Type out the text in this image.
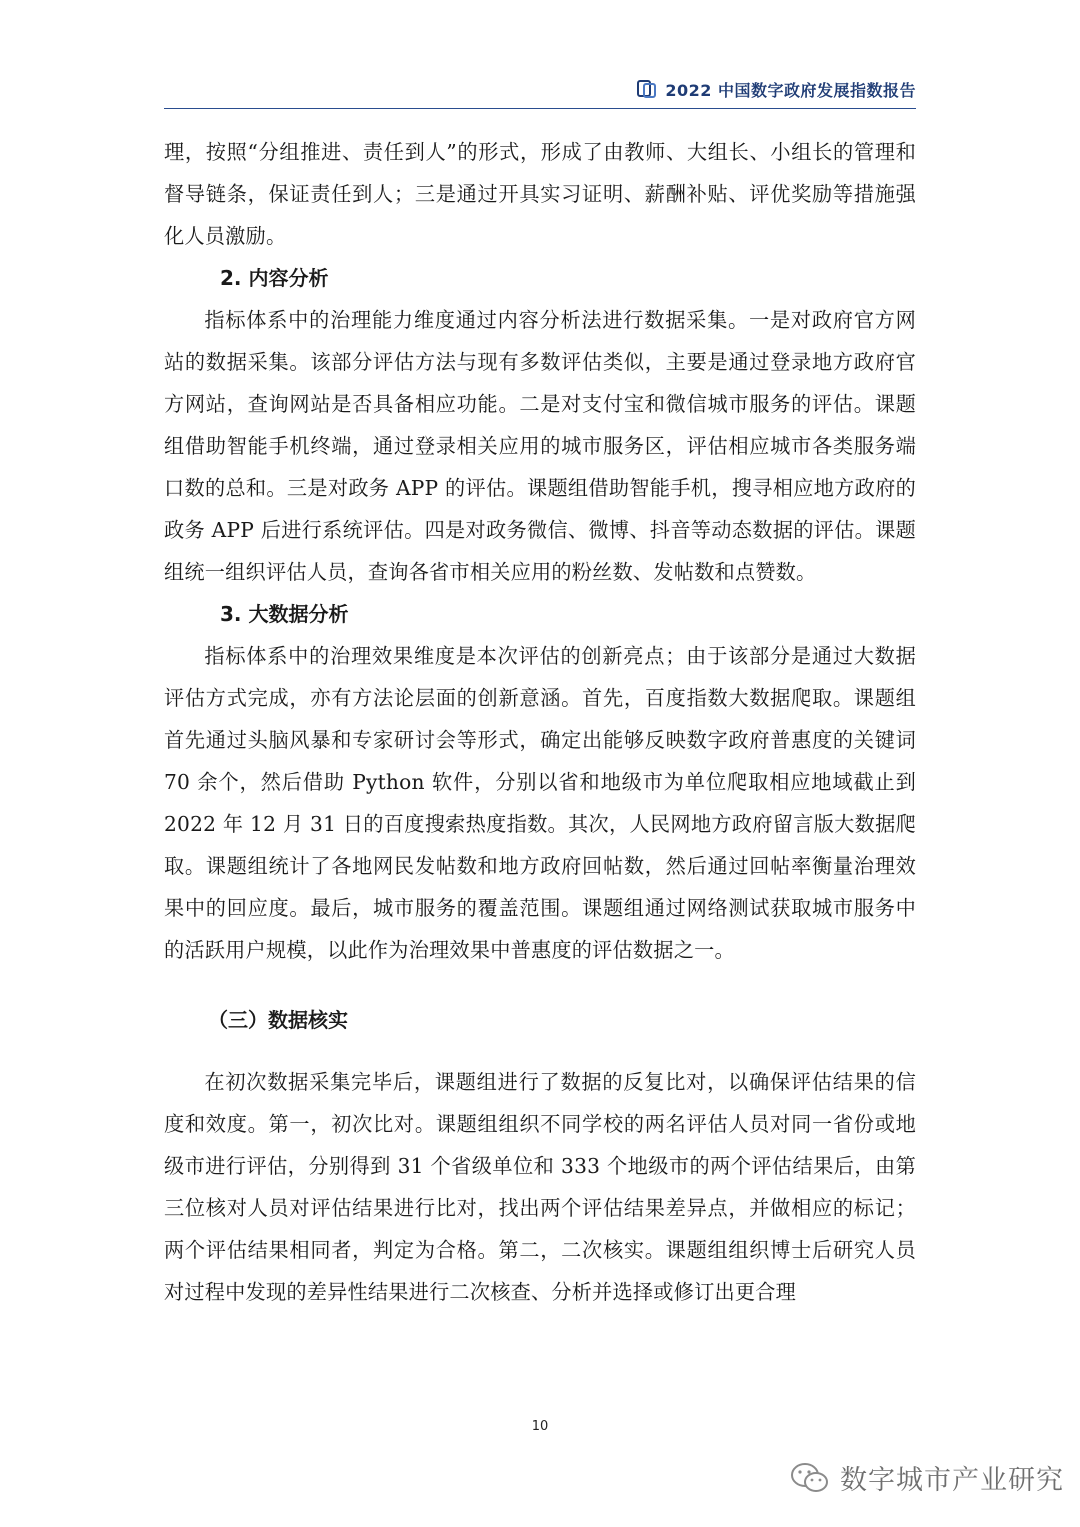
2022 中国数字政府发展指数报告

理，按照“分组推进、责任到人”的形式，形成了由教师、大组长、小组长的管理和督导链条，保证责任到人；三是通过开具实习证明、薪酬补贴、评优奖励等措施强化人员激励。

2. 内容分析

指标体系中的治理能力维度通过内容分析法进行数据采集。一是对政府官方网站的数据采集。该部分评估方法与现有多数评估类似，主要是通过登录地方政府官方网站，查询网站是否具备相应功能。二是对支付宝和微信城市服务的评估。课题组借助智能手机终端，通过登录相关应用的城市服务区，评估相应城市各类服务端口数的总和。三是对政务 APP 的评估。课题组借助智能手机，搜寻相应地方政府的政务 APP 后进行系统评估。四是对政务微信、微博、抖音等动态数据的评估。课题组统一组织评估人员，查询各省市相关应用的粉丝数、发帖数和点赞数。

3. 大数据分析

指标体系中的治理效果维度是本次评估的创新亮点；由于该部分是通过大数据评估方式完成，亦有方法论层面的创新意涵。首先，百度指数大数据爬取。课题组首先通过头脑风暴和专家研讨会等形式，确定出能够反映数字政府普惠度的关键词 70 余个，然后借助 Python 软件，分别以省和地级市为单位爬取相应地域截止到 2022 年 12 月 31 日的百度搜索热度指数。其次，人民网地方政府留言版大数据爬取。课题组统计了各地网民发帖数和地方政府回帖数，然后通过回帖率衡量治理效果中的回应度。最后，城市服务的覆盖范围。课题组通过网络测试获取城市服务中的活跃用户规模，以此作为治理效果中普惠度的评估数据之一。

（三）数据核实

在初次数据采集完毕后，课题组进行了数据的反复比对，以确保评估结果的信度和效度。第一，初次比对。课题组组织不同学校的两名评估人员对同一省份或地级市进行评估，分别得到 31 个省级单位和 333 个地级市的两个评估结果后，由第三位核对人员对评估结果进行比对，找出两个评估结果差异点，并做相应的标记；两个评估结果相同者，判定为合格。第二，二次核实。课题组组织博士后研究人员对过程中发现的差异性结果进行二次核查、分析并选择或修订出更合理

10
数字城市产业研究
